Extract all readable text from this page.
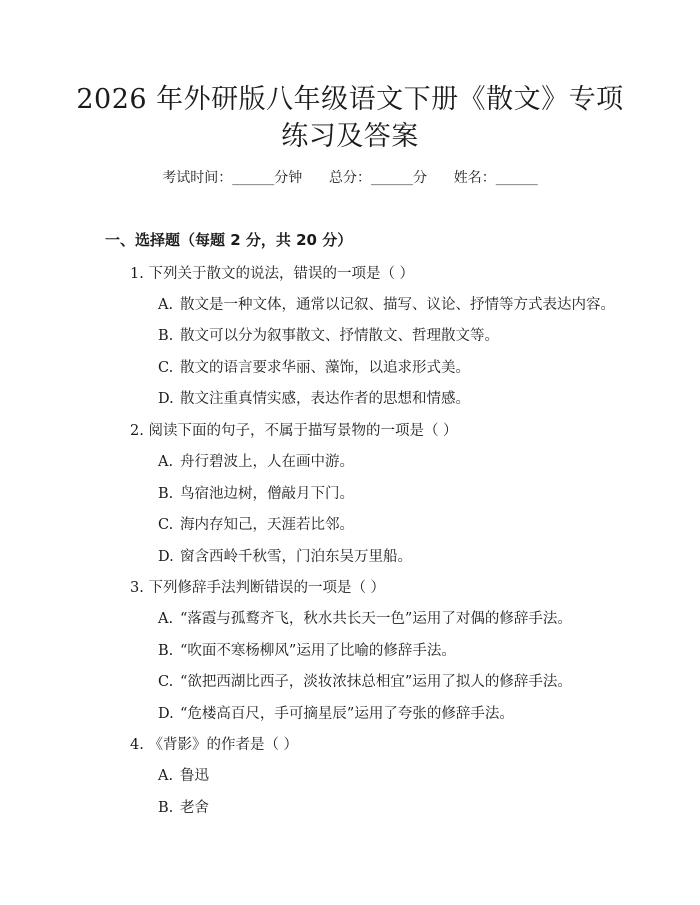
2026 年外研版八年级语文下册《散文》专项
练习及答案
考试时间：______分钟      总分：______分      姓名：______
一、选择题（每题 2 分，共 20 分）
1. 下列关于散文的说法，错误的一项是（ ）
A. 散文是一种文体，通常以记叙、描写、议论、抒情等方式表达内容。
B. 散文可以分为叙事散文、抒情散文、哲理散文等。
C. 散文的语言要求华丽、藻饰，以追求形式美。
D. 散文注重真情实感，表达作者的思想和情感。
2. 阅读下面的句子，不属于描写景物的一项是（ ）
A. 舟行碧波上，人在画中游。
B. 鸟宿池边树，僧敲月下门。
C. 海内存知己，天涯若比邻。
D. 窗含西岭千秋雪，门泊东吴万里船。
3. 下列修辞手法判断错误的一项是（ ）
A. “落霞与孤鹜齐飞，秋水共长天一色”运用了对偶的修辞手法。
B. “吹面不寒杨柳风”运用了比喻的修辞手法。
C. “欲把西湖比西子，淡妆浓抹总相宜”运用了拟人的修辞手法。
D. “危楼高百尺，手可摘星辰”运用了夸张的修辞手法。
4. 《背影》的作者是（ ）
A. 鲁迅
B. 老舍
